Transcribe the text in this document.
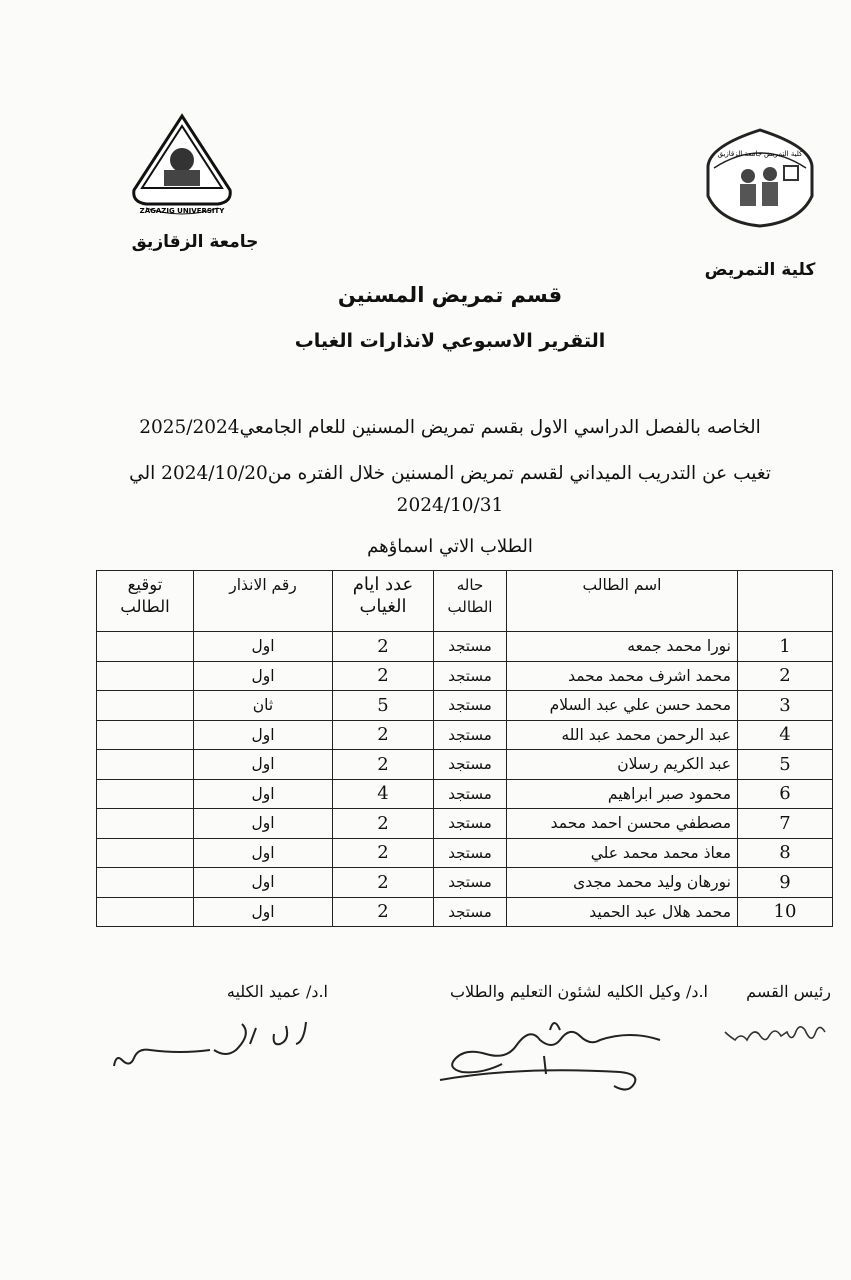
ZAGAZIG UNIVERSITY
كلية التمريض جامعة الزقازيق
جامعة الزقازيق
كلية التمريض
قسم تمريض المسنين
التقرير الاسبوعي لانذارات الغياب
الخاصه بالفصل الدراسي الاول بقسم تمريض المسنين للعام الجامعي2025/2024
تغيب عن التدريب الميداني لقسم تمريض المسنين خلال الفتره من2024/10/20 الي
2024/10/31
الطلاب الاتي اسماؤهم
	اسم الطالب	حاله الطالب	عدد ايام الغياب	رقم الانذار	توقيع الطالب
1	نورا محمد جمعه	مستجد	2	اول	
2	محمد اشرف محمد محمد	مستجد	2	اول	
3	محمد حسن علي عبد السلام	مستجد	5	ثان	
4	عبد الرحمن محمد عبد الله	مستجد	2	اول	
5	عبد الكريم رسلان	مستجد	2	اول	
6	محمود صبر ابراهيم	مستجد	4	اول	
7	مصطفي محسن احمد محمد	مستجد	2	اول	
8	معاذ محمد محمد علي	مستجد	2	اول	
9	نورهان وليد محمد مجدى	مستجد	2	اول	
10	محمد هلال عبد الحميد	مستجد	2	اول	
رئيس القسم
ا.د/ وكيل الكليه لشئون التعليم والطلاب
ا.د/ عميد الكليه
